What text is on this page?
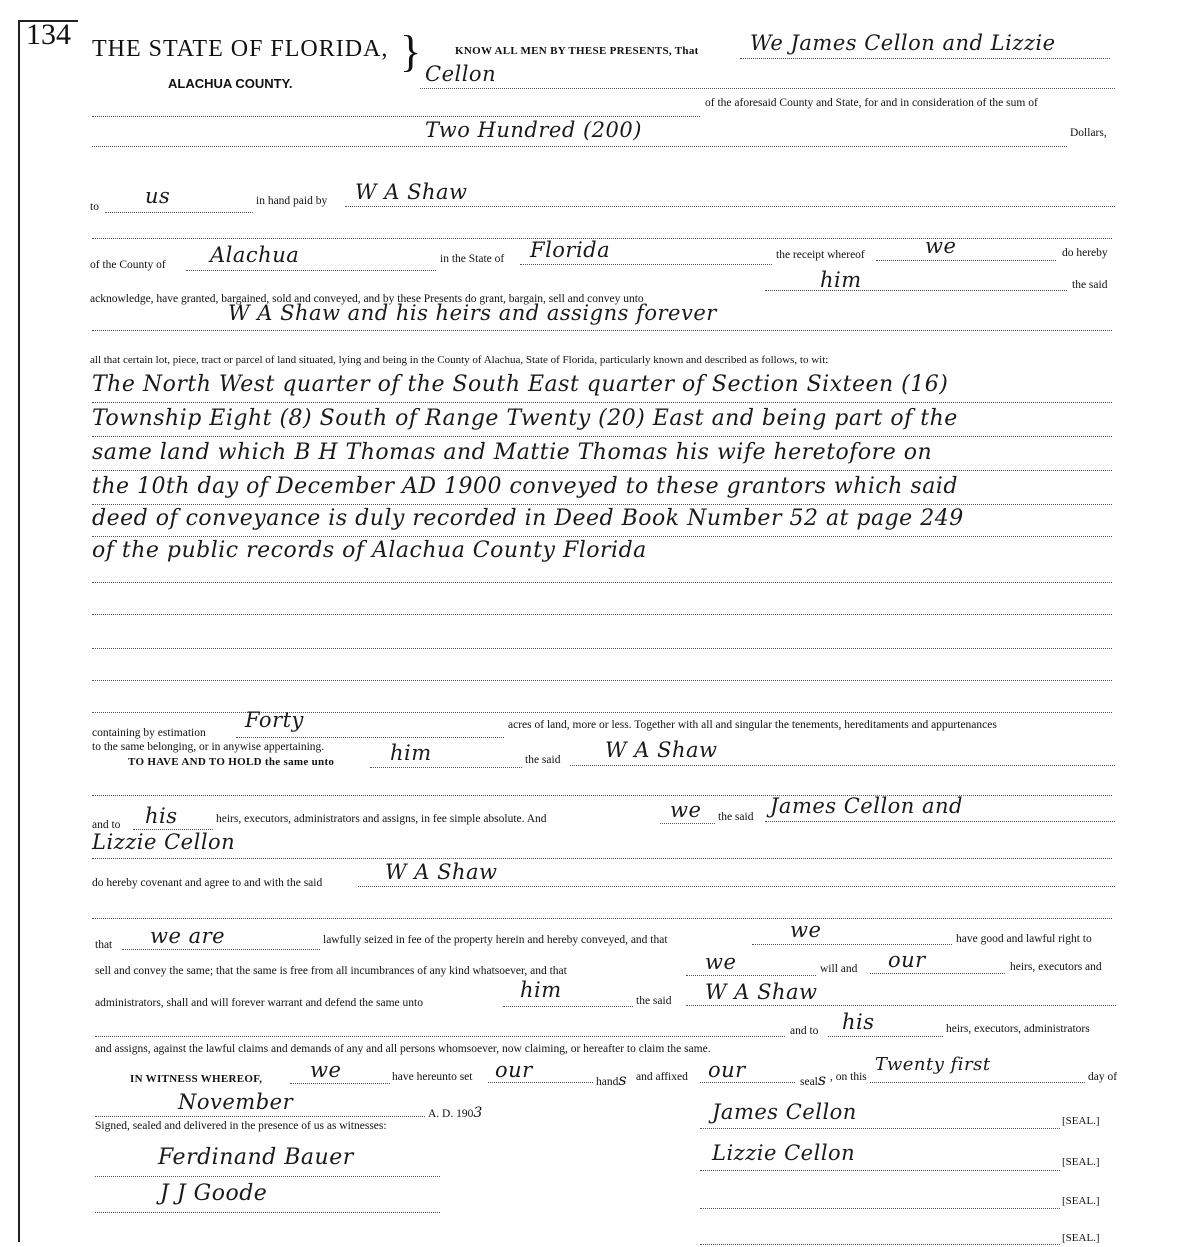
134 THE STATE OF FLORIDA, }
ALACHUA COUNTY.
KNOW ALL MEN BY THESE PRESENTS, That We James Cellon and Lizzie
Cellon
of the aforesaid County and State, for and in consideration of the sum of
Two Hundred (200)	Dollars,
to us	in hand paid by W A Shaw
of the County of Alachua	in the State of Florida	the receipt whereof	we	do hereby
acknowledge, have granted, bargained, sold and conveyed, and by these Presents do grant, bargain, sell and convey unto
him	the said
W A Shaw and his heirs and assigns forever
all that certain lot, piece, tract or parcel of land situated, lying and being in the County of Alachua, State of Florida, particularly known and described as follows, to wit:
The North West quarter of the South East quarter of Section Sixteen (16)
Township Eight (8) South of Range Twenty (20) East and being part of the
same land which B H Thomas and Mattie Thomas his wife heretofore on
the 10th day of December AD 1900 conveyed to these grantors which said
deed of conveyance is duly recorded in Deed Book Number 52 at page 249
of the public records of Alachua County Florida
containing by estimation
Forty	acres of land, more or less. Together with all and singular the tenements, hereditaments and appurtenances
to the same belonging, or in anywise appertaining.
TO HAVE AND TO HOLD the same unto	him	the said W A Shaw
and to his	heirs, executors, administrators and assigns, in fee simple absolute. And	we the said James Cellon and
Lizzie Cellon
do hereby covenant and agree to and with the said	W A Shaw
that we are	lawfully seized in fee of the property herein and hereby conveyed, and that	we	have good and lawful right to
sell and convey the same; that the same is free from all incumbrances of any kind whatsoever, and that	we	will and our	heirs, executors and
administrators, shall and will forever warrant and defend the same unto
him	the said W A Shaw
and to his	heirs, executors, administrators
and assigns, against the lawful claims and demands of any and all persons whomsoever, now claiming, or hereafter to claim the same.
IN WITNESS WHEREOF, we	have hereunto set our	hands and affixed our	seals , on this
Twenty first
day of
November	A. D. 1903
Signed, sealed and delivered in the presence of us as witnesses:
Ferdinand Bauer
J J Goode
James Cellon	[SEAL.]
Lizzie Cellon	[SEAL.]
[SEAL.]
[SEAL.]
